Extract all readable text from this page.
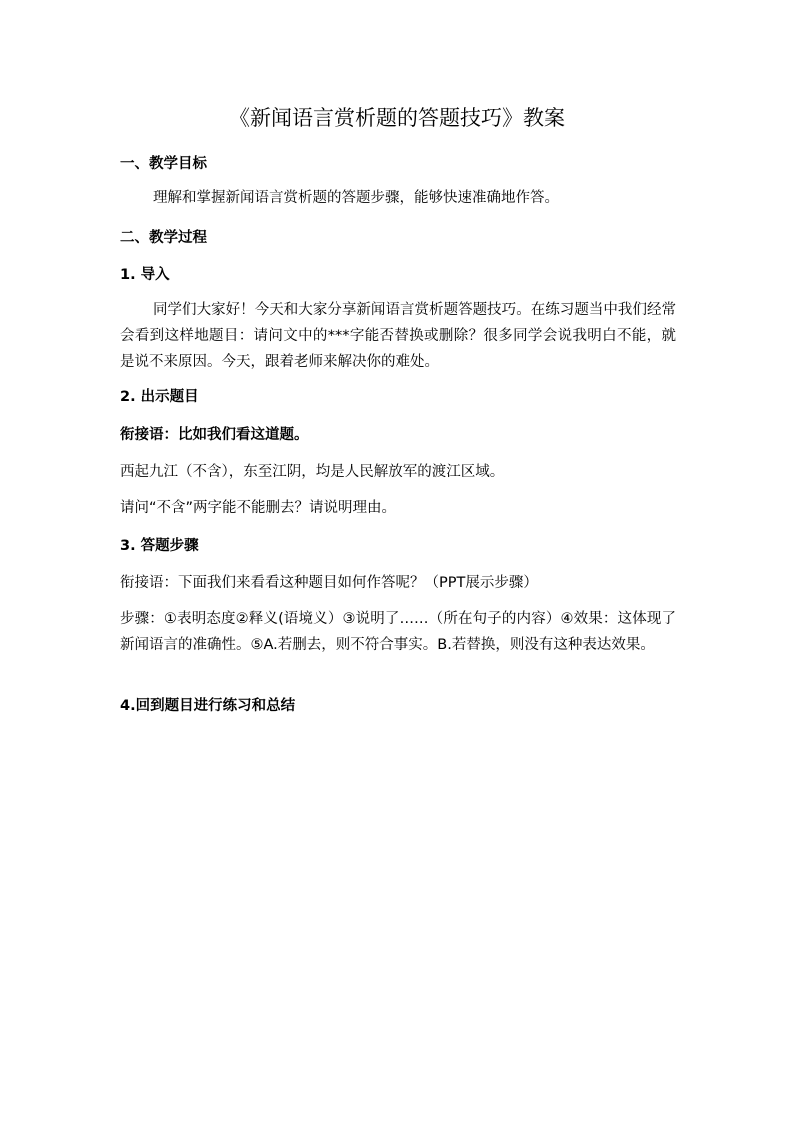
《新闻语言赏析题的答题技巧》教案
一、教学目标
理解和掌握新闻语言赏析题的答题步骤，能够快速准确地作答。
二、教学过程
1. 导入
同学们大家好！今天和大家分享新闻语言赏析题答题技巧。在练习题当中我们经常会看到这样地题目：请问文中的***字能否替换或删除？很多同学会说我明白不能，就是说不来原因。今天，跟着老师来解决你的难处。
2. 出示题目
衔接语：比如我们看这道题。
西起九江（不含），东至江阴，均是人民解放军的渡江区域。
请问“不含”两字能不能删去？请说明理由。
3. 答题步骤
衔接语：下面我们来看看这种题目如何作答呢？（PPT展示步骤）
步骤：①表明态度②释义(语境义）③说明了……（所在句子的内容）④效果：这体现了新闻语言的准确性。⑤A.若删去，则不符合事实。B.若替换，则没有这种表达效果。
4.回到题目进行练习和总结
